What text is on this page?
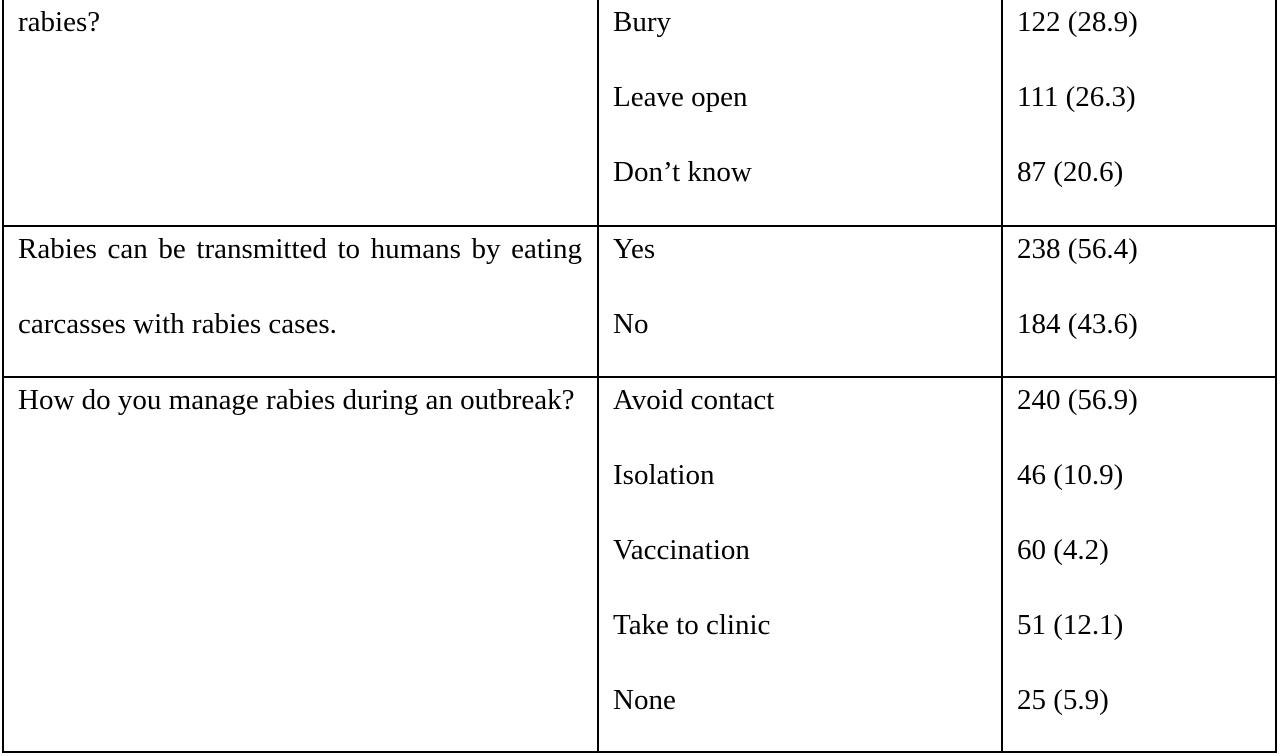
rabies?	Bury
Leave open
Don’t know
122 (28.9)
111 (26.3)
87 (20.6)
Rabies can be transmitted to humans by eating carcasses with rabies cases.
Yes
No
238 (56.4)
184 (43.6)
How do you manage rabies during an outbreak? Avoid contact
Isolation
Vaccination
Take to clinic
None
240 (56.9)
46 (10.9)
60 (4.2)
51 (12.1)
25 (5.9)
